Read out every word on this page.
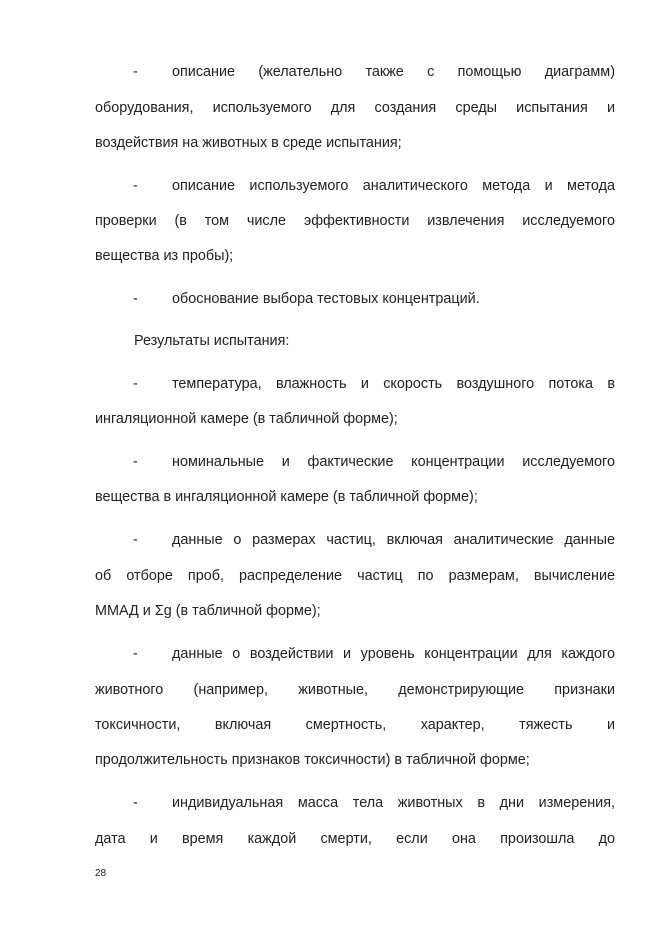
-	описание (желательно также с помощью диаграмм)
оборудования, используемого для создания среды испытания и
воздействия на животных в среде испытания;
-	описание используемого аналитического метода и метода
проверки (в том числе эффективности извлечения исследуемого
вещества из пробы);
-	обоснование выбора тестовых концентраций.
Результаты испытания:
-	температура, влажность и скорость воздушного потока в
ингаляционной камере (в табличной форме);
-	номинальные и фактические концентрации исследуемого
вещества в ингаляционной камере (в табличной форме);
-	данные о размерах частиц, включая аналитические данные
об отборе проб, распределение частиц по размерам, вычисление
ММАД и Σg (в табличной форме);
-	данные о воздействии и уровень концентрации для каждого
животного (например, животные, демонстрирующие признаки
токсичности, включая смертность, характер, тяжесть и
продолжительность признаков токсичности) в табличной форме;
-	индивидуальная масса тела животных в дни измерения,
дата и время каждой смерти, если она произошла до
28
